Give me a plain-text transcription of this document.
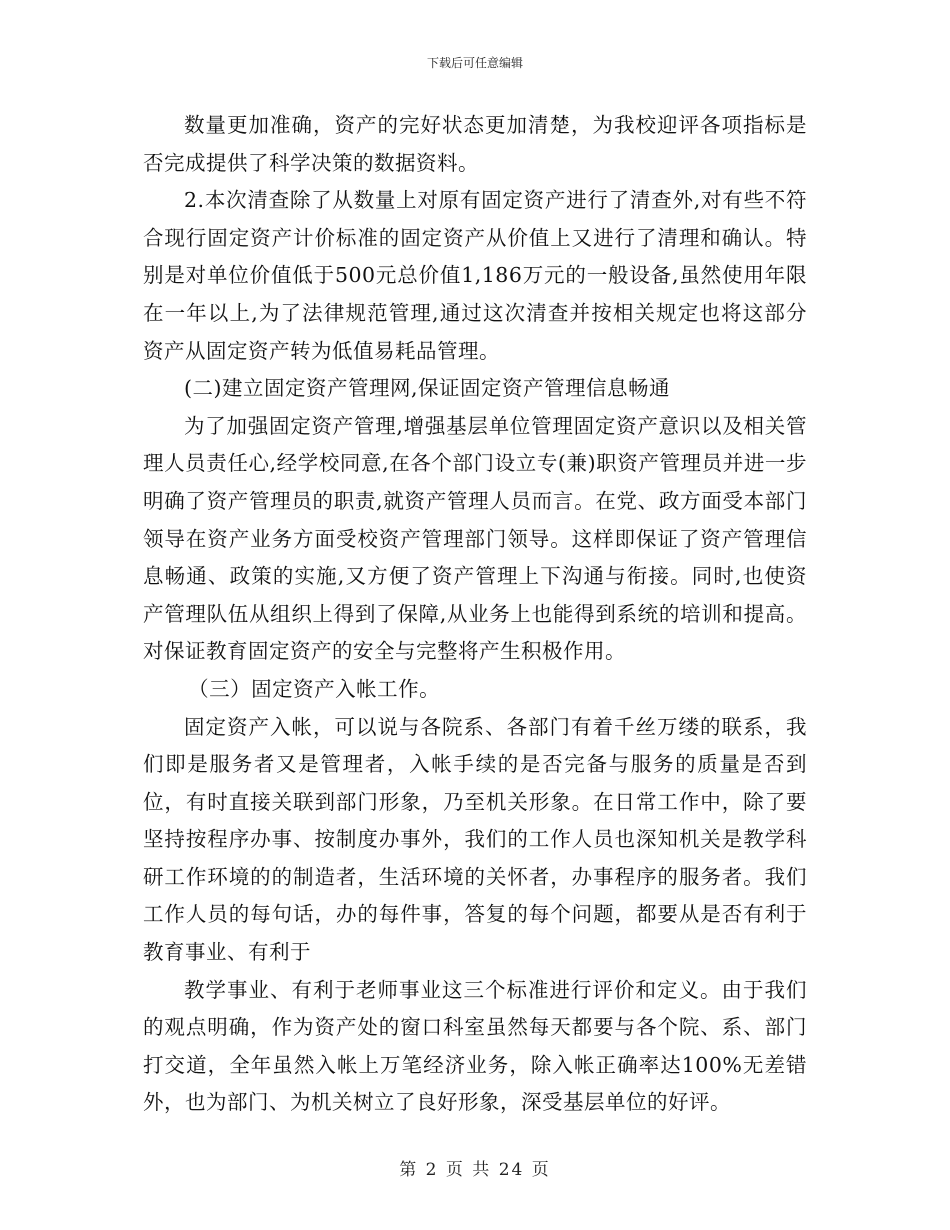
下载后可任意编辑

数量更加准确，资产的完好状态更加清楚，为我校迎评各项指标是否完成提供了科学决策的数据资料。

2.本次清查除了从数量上对原有固定资产进行了清查外,对有些不符合现行固定资产计价标准的固定资产从价值上又进行了清理和确认。特别是对单位价值低于500元总价值1,186万元的一般设备,虽然使用年限在一年以上,为了法律规范管理,通过这次清查并按相关规定也将这部分资产从固定资产转为低值易耗品管理。

(二)建立固定资产管理网,保证固定资产管理信息畅通

为了加强固定资产管理,增强基层单位管理固定资产意识以及相关管理人员责任心,经学校同意,在各个部门设立专(兼)职资产管理员并进一步明确了资产管理员的职责,就资产管理人员而言。在党、政方面受本部门领导在资产业务方面受校资产管理部门领导。这样即保证了资产管理信息畅通、政策的实施,又方便了资产管理上下沟通与衔接。同时,也使资产管理队伍从组织上得到了保障,从业务上也能得到系统的培训和提高。对保证教育固定资产的安全与完整将产生积极作用。

（三）固定资产入帐工作。

固定资产入帐，可以说与各院系、各部门有着千丝万缕的联系，我们即是服务者又是管理者，入帐手续的是否完备与服务的质量是否到位，有时直接关联到部门形象，乃至机关形象。在日常工作中，除了要坚持按程序办事、按制度办事外，我们的工作人员也深知机关是教学科研工作环境的的制造者，生活环境的关怀者，办事程序的服务者。我们工作人员的每句话，办的每件事，答复的每个问题，都要从是否有利于教育事业、有利于

教学事业、有利于老师事业这三个标准进行评价和定义。由于我们的观点明确，作为资产处的窗口科室虽然每天都要与各个院、系、部门打交道，全年虽然入帐上万笔经济业务，除入帐正确率达100%无差错外，也为部门、为机关树立了良好形象，深受基层单位的好评。

第 2 页 共 24 页
